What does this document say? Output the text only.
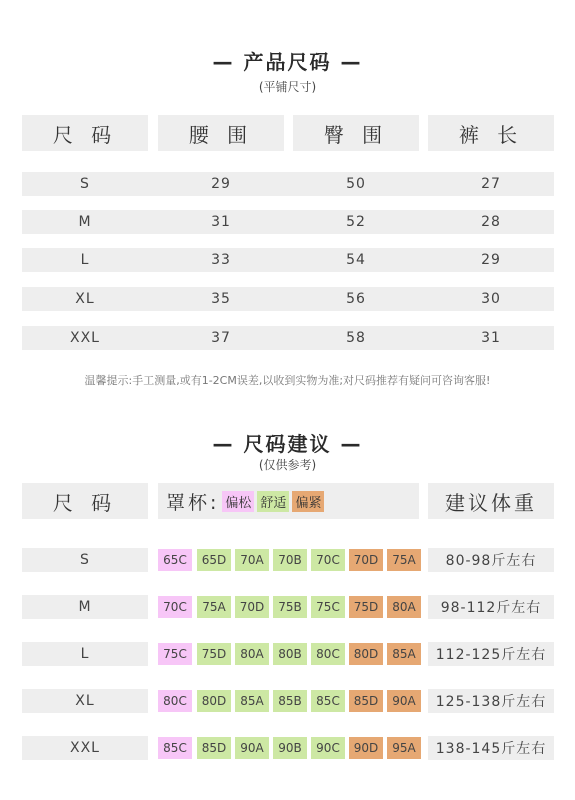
— 产品尺码 —
(平铺尺寸)
尺 码	腰 围	臀 围	裤 长
S	29	50	27
M	31	52	28
L	33	54	29
XL	35	56	30
XXL	37	58	31
温馨提示:手工测量,或有1-2CM误差,以收到实物为准;对尺码推荐有疑问可咨询客服!
— 尺码建议 —
(仅供参考)
尺 码	罩杯: 偏松 舒适 偏紧	建议体重
S	65C	65D	70A	70B	70C	70D	75A	80-98斤左右
M	70C	75A	70D	75B	75C	75D	80A	98-112斤左右
L	75C	75D	80A	80B	80C	80D	85A	112-125斤左右
XL	80C	80D	85A	85B	85C	85D	90A	125-138斤左右
XXL	85C	85D	90A	90B	90C	90D	95A	138-145斤左右
